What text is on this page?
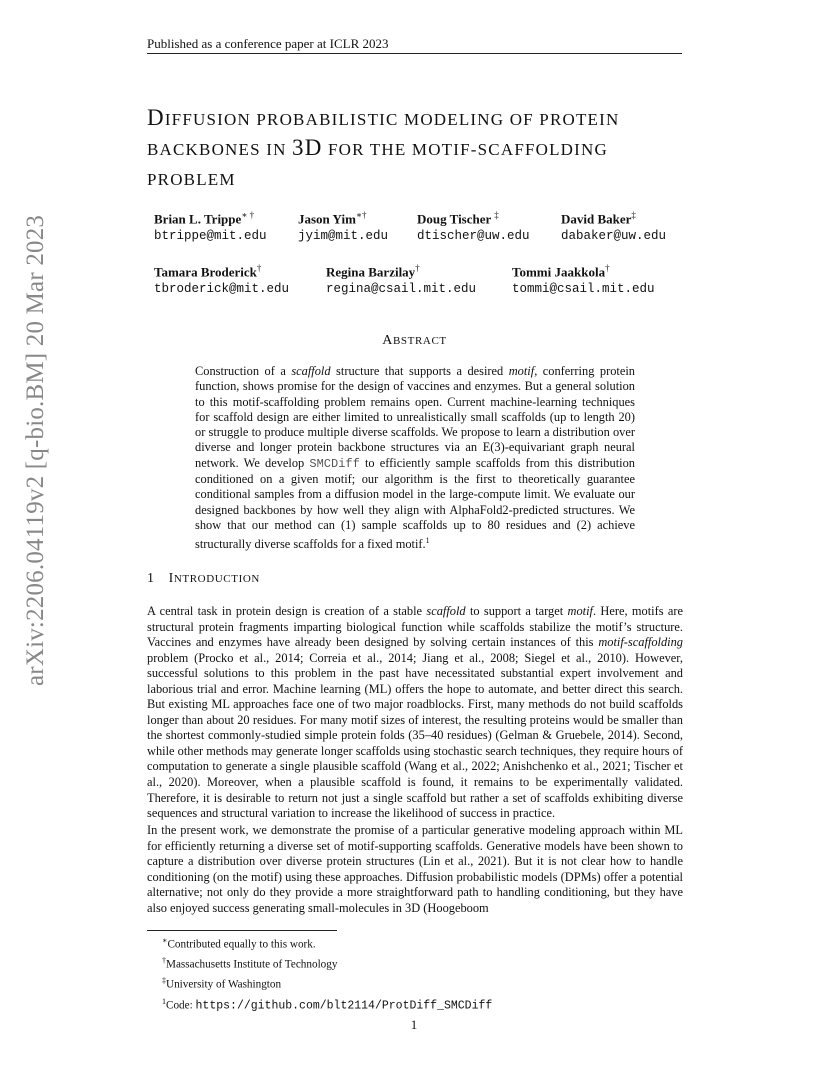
Published as a conference paper at ICLR 2023
arXiv:2206.04119v2 [q-bio.BM] 20 Mar 2023
DIFFUSION PROBABILISTIC MODELING OF PROTEIN
BACKBONES IN 3D FOR THE MOTIF-SCAFFOLDING
PROBLEM
Brian L. Trippe∗ †
btrippe@mit.edu
Jason Yim∗†
jyim@mit.edu
Doug Tischer ‡
dtischer@uw.edu
David Baker‡
dabaker@uw.edu
Tamara Broderick†
tbroderick@mit.edu
Regina Barzilay†
regina@csail.mit.edu
Tommi Jaakkola†
tommi@csail.mit.edu
ABSTRACT
Construction of a scaffold structure that supports a desired motif, conferring protein function, shows promise for the design of vaccines and enzymes. But a general solution to this motif-scaffolding problem remains open. Current machine-learning techniques for scaffold design are either limited to unrealistically small scaffolds (up to length 20) or struggle to produce multiple diverse scaffolds. We propose to learn a distribution over diverse and longer protein backbone structures via an E(3)-equivariant graph neural network. We develop SMCDiff to efficiently sample scaffolds from this distribution conditioned on a given motif; our algorithm is the first to theoretically guarantee conditional samples from a diffusion model in the large-compute limit. We evaluate our designed backbones by how well they align with AlphaFold2-predicted structures. We show that our method can (1) sample scaffolds up to 80 residues and (2) achieve structurally diverse scaffolds for a fixed motif.$^1$
1 INTRODUCTION
A central task in protein design is creation of a stable scaffold to support a target motif. Here, motifs are structural protein fragments imparting biological function while scaffolds stabilize the motif’s structure. Vaccines and enzymes have already been designed by solving certain instances of this motif-scaffolding problem (Procko et al., 2014; Correia et al., 2014; Jiang et al., 2008; Siegel et al., 2010). However, successful solutions to this problem in the past have necessitated substantial expert involvement and laborious trial and error. Machine learning (ML) offers the hope to automate, and better direct this search. But existing ML approaches face one of two major roadblocks. First, many methods do not build scaffolds longer than about 20 residues. For many motif sizes of interest, the resulting proteins would be smaller than the shortest commonly-studied simple protein folds (35–40 residues) (Gelman & Gruebele, 2014). Second, while other methods may generate longer scaffolds using stochastic search techniques, they require hours of computation to generate a single plausible scaffold (Wang et al., 2022; Anishchenko et al., 2021; Tischer et al., 2020). Moreover, when a plausible scaffold is found, it remains to be experimentally validated. Therefore, it is desirable to return not just a single scaffold but rather a set of scaffolds exhibiting diverse sequences and structural variation to increase the likelihood of success in practice.
In the present work, we demonstrate the promise of a particular generative modeling approach within ML for efficiently returning a diverse set of motif-supporting scaffolds. Generative models have been shown to capture a distribution over diverse protein structures (Lin et al., 2021). But it is not clear how to handle conditioning (on the motif) using these approaches. Diffusion probabilistic models (DPMs) offer a potential alternative; not only do they provide a more straightforward path to handling conditioning, but they have also enjoyed success generating small-molecules in 3D (Hoogeboom
∗Contributed equally to this work.
†Massachusetts Institute of Technology
‡University of Washington
$^1$Code: https://github.com/blt2114/ProtDiff_SMCDiff
1
